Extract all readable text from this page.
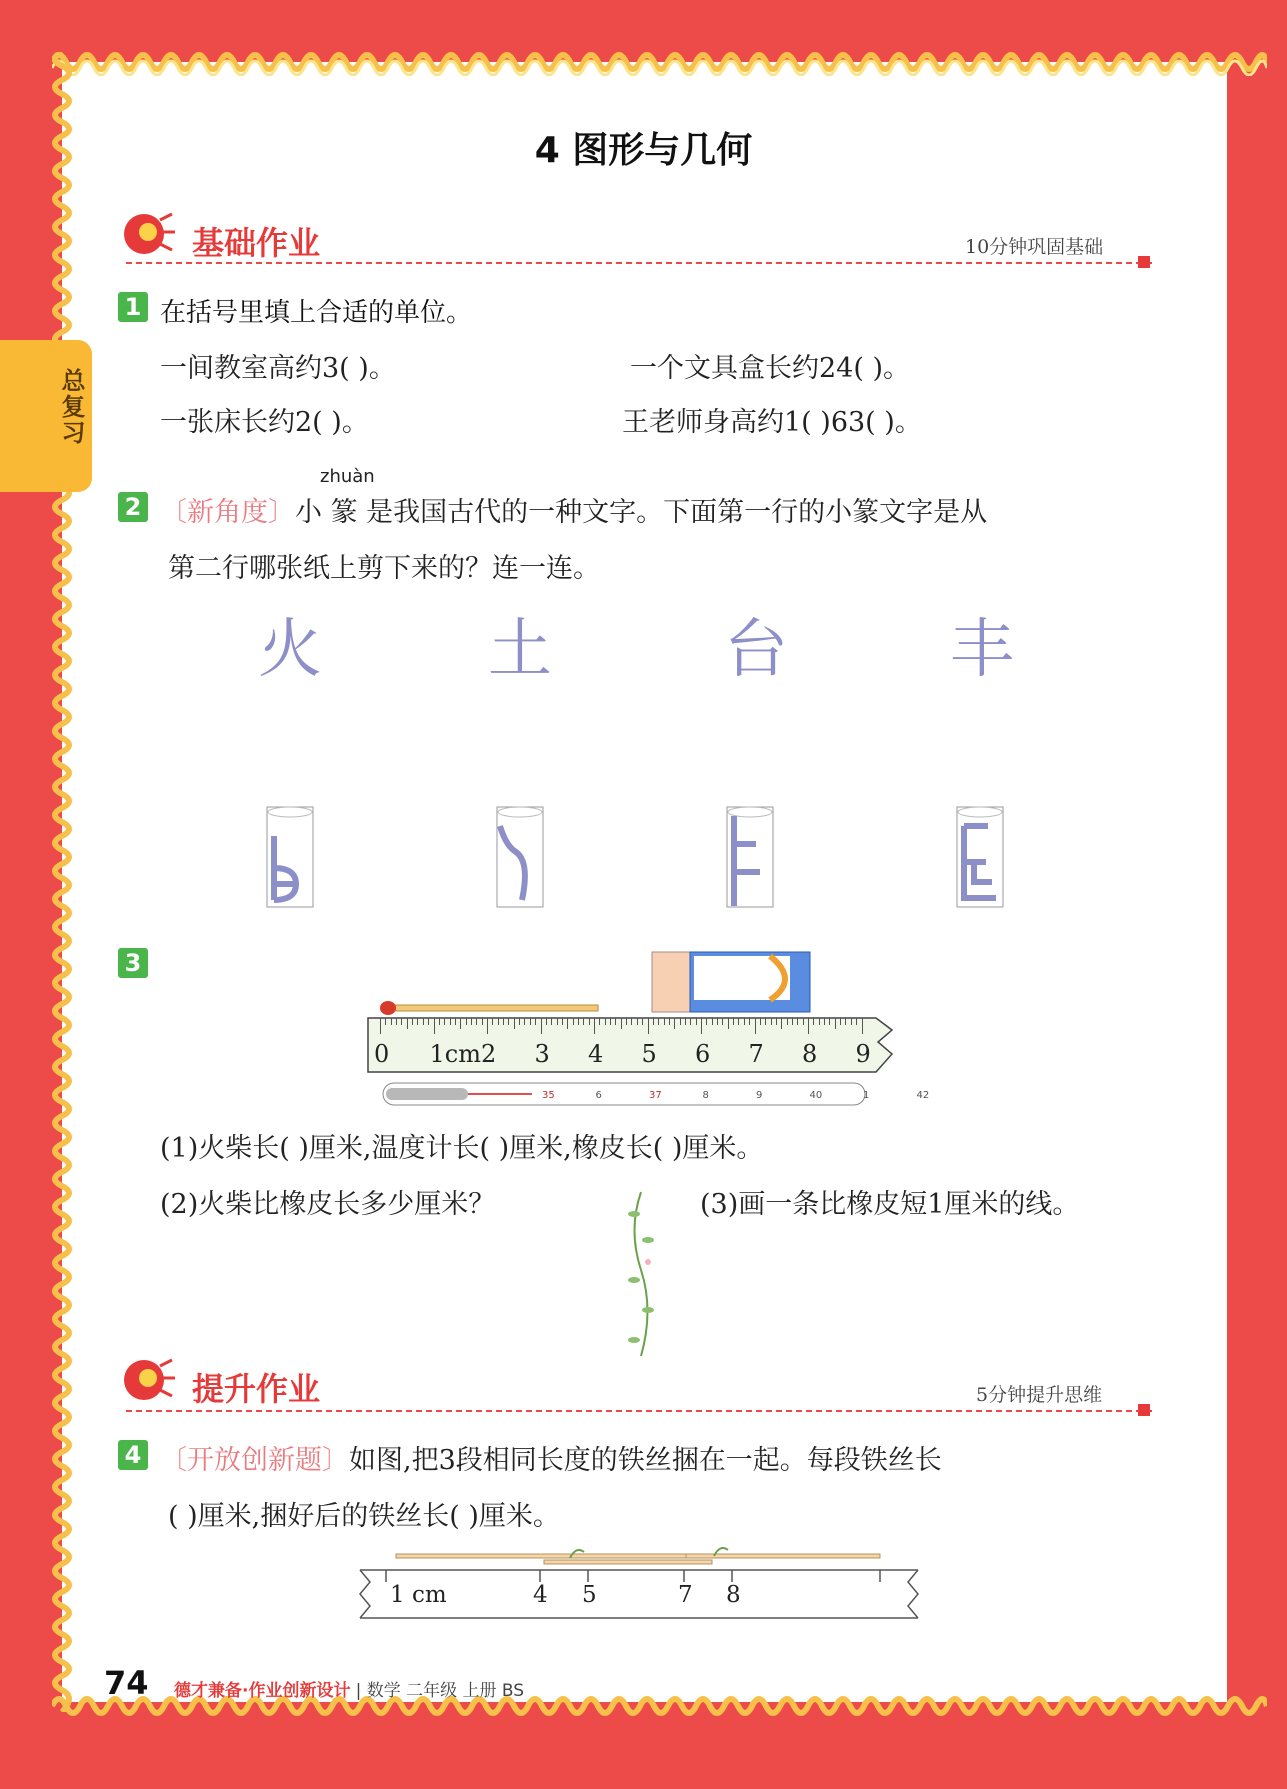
总复习
4 图形与几何
基础作业	10分钟巩固基础
1 在括号里填上合适的单位。
一间教室高约3( )。	一个文具盒长约24( )。
一张床长约2( )。	王老师身高约1( )63( )。
zhuàn
2 〔新角度〕小 篆 是我国古代的一种文字。下面第一行的小篆文字是从
第二行哪张纸上剪下来的？连一连。
火	土	台	丰
3
0 1cm 2 3 4 5 6 7 8 9
35	6	37	8	9	40	1	42
(1)火柴长( )厘米,温度计长( )厘米,橡皮长( )厘米。
(2)火柴比橡皮长多少厘米？	(3)画一条比橡皮短1厘米的线。
提升作业	5分钟提升思维
4 〔开放创新题〕如图,把3段相同长度的铁丝捆在一起。每段铁丝长
( )厘米,捆好后的铁丝长( )厘米。
1 cm	4 5	7 8
74 德才兼备·作业创新设计 | 数学 二年级 上册 BS
